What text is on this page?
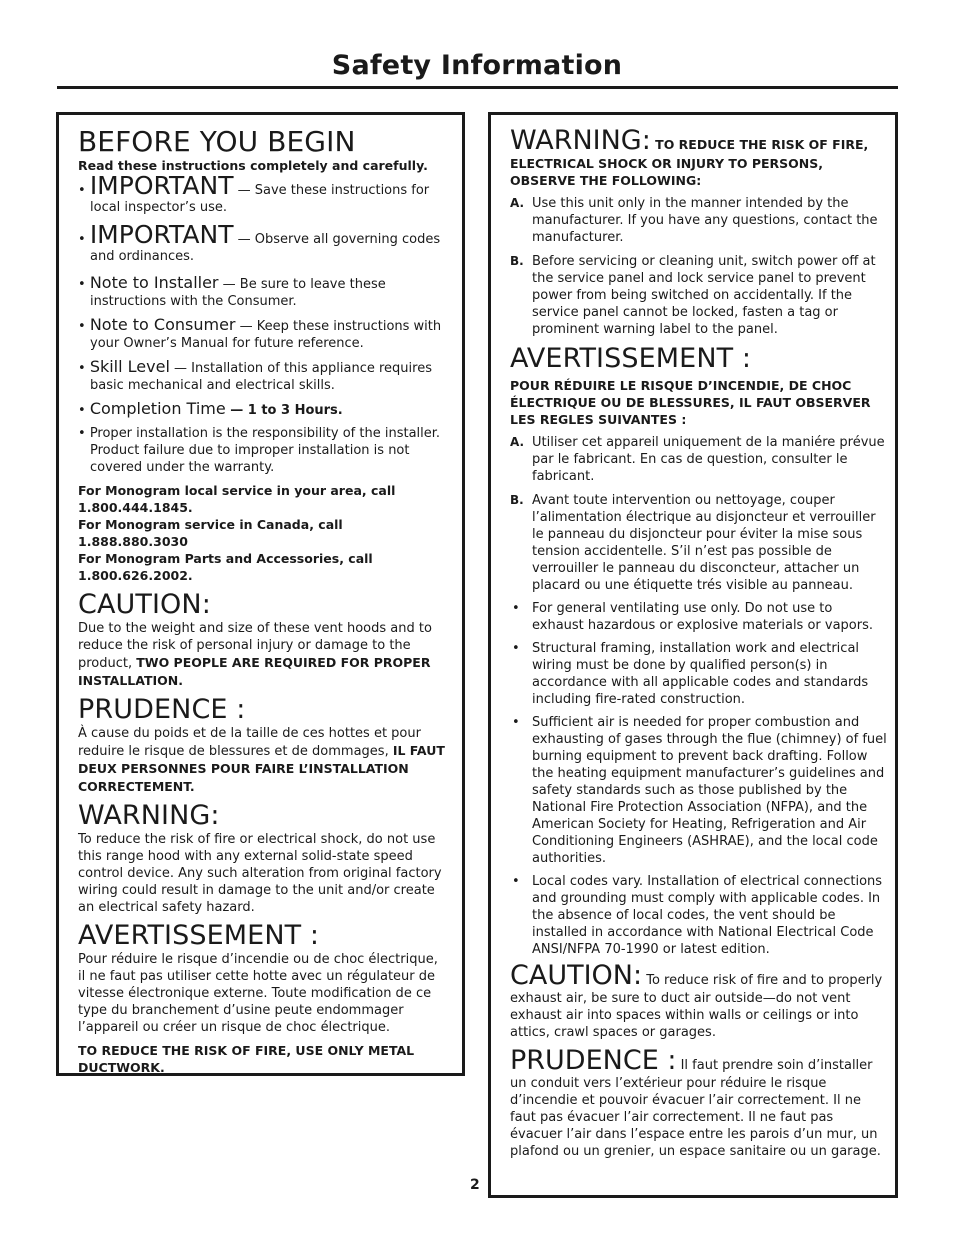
Safety Information
BEFORE YOU BEGIN

Read these instructions completely and carefully.

• IMPORTANT — Save these instructions for local inspector’s use.

• IMPORTANT — Observe all governing codes and ordinances.

• Note to Installer — Be sure to leave these instructions with the Consumer.

• Note to Consumer — Keep these instructions with your Owner’s Manual for future reference.

• Skill Level — Installation of this appliance requires basic mechanical and electrical skills.

• Completion Time — 1 to 3 Hours.

• Proper installation is the responsibility of the installer. Product failure due to improper installation is not covered under the warranty.

For Monogram local service in your area, call 1.800.444.1845.

For Monogram service in Canada, call 1.888.880.3030

For Monogram Parts and Accessories, call 1.800.626.2002.

CAUTION:

Due to the weight and size of these vent hoods and to reduce the risk of personal injury or damage to the product, TWO PEOPLE ARE REQUIRED FOR PROPER INSTALLATION.

PRUDENCE :

À cause du poids et de la taille de ces hottes et pour reduire le risque de blessures et de dommages, IL FAUT DEUX PERSONNES POUR FAIRE L’INSTALLATION CORRECTEMENT.

WARNING:

To reduce the risk of fire or electrical shock, do not use this range hood with any external solid-state speed control device. Any such alteration from original factory wiring could result in damage to the unit and/or create an electrical safety hazard.

AVERTISSEMENT :

Pour réduire le risque d’incendie ou de choc électrique, il ne faut pas utiliser cette hotte avec un régulateur de vitesse électronique externe. Toute modification de ce type du branchement d’usine peute endommager l’appareil ou créer un risque de choc électrique.

TO REDUCE THE RISK OF FIRE, USE ONLY METAL DUCTWORK.

WARNING: TO REDUCE THE RISK OF FIRE, ELECTRICAL SHOCK OR INJURY TO PERSONS, OBSERVE THE FOLLOWING:

A. Use this unit only in the manner intended by the manufacturer. If you have any questions, contact the manufacturer.
B. Before servicing or cleaning unit, switch power off at the service panel and lock service panel to prevent power from being switched on accidentally. If the service panel cannot be locked, fasten a tag or prominent warning label to the panel.
AVERTISSEMENT :

POUR RÉDUIRE LE RISQUE D’INCENDIE, DE CHOC ÉLECTRIQUE OU DE BLESSURES, IL FAUT OBSERVER LES REGLES SUIVANTES :

A. Utiliser cet appareil uniquement de la maniére prévue par le fabricant. En cas de question, consulter le fabricant.
B. Avant toute intervention ou nettoyage, couper l’alimentation électrique au disjoncteur et verrouiller le panneau du disjoncteur pour éviter la mise sous tension accidentelle. S’il n’est pas possible de verrouiller le panneau du disconcteur, attacher un placard ou une étiquette trés visible au panneau.
• For general ventilating use only. Do not use to exhaust hazardous or explosive materials or vapors.
• Structural framing, installation work and electrical wiring must be done by qualified person(s) in accordance with all applicable codes and standards including fire-rated construction.
• Sufficient air is needed for proper combustion and exhausting of gases through the flue (chimney) of fuel burning equipment to prevent back drafting. Follow the heating equipment manufacturer’s guidelines and safety standards such as those published by the National Fire Protection Association (NFPA), and the American Society for Heating, Refrigeration and Air Conditioning Engineers (ASHRAE), and the local code authorities.
• Local codes vary. Installation of electrical connections and grounding must comply with applicable codes. In the absence of local codes, the vent should be installed in accordance with National Electrical Code ANSI/NFPA 70-1990 or latest edition.

CAUTION: To reduce risk of fire and to properly exhaust air, be sure to duct air outside—do not vent exhaust air into spaces within walls or ceilings or into attics, crawl spaces or garages.

PRUDENCE : Il faut prendre soin d’installer un conduit vers l’extérieur pour réduire le risque d’incendie et pouvoir évacuer l’air correctement. Il ne faut pas évacuer l’air correctement. Il ne faut pas évacuer l’air dans l’espace entre les parois d’un mur, un plafond ou un grenier, un espace sanitaire ou un garage.

2
